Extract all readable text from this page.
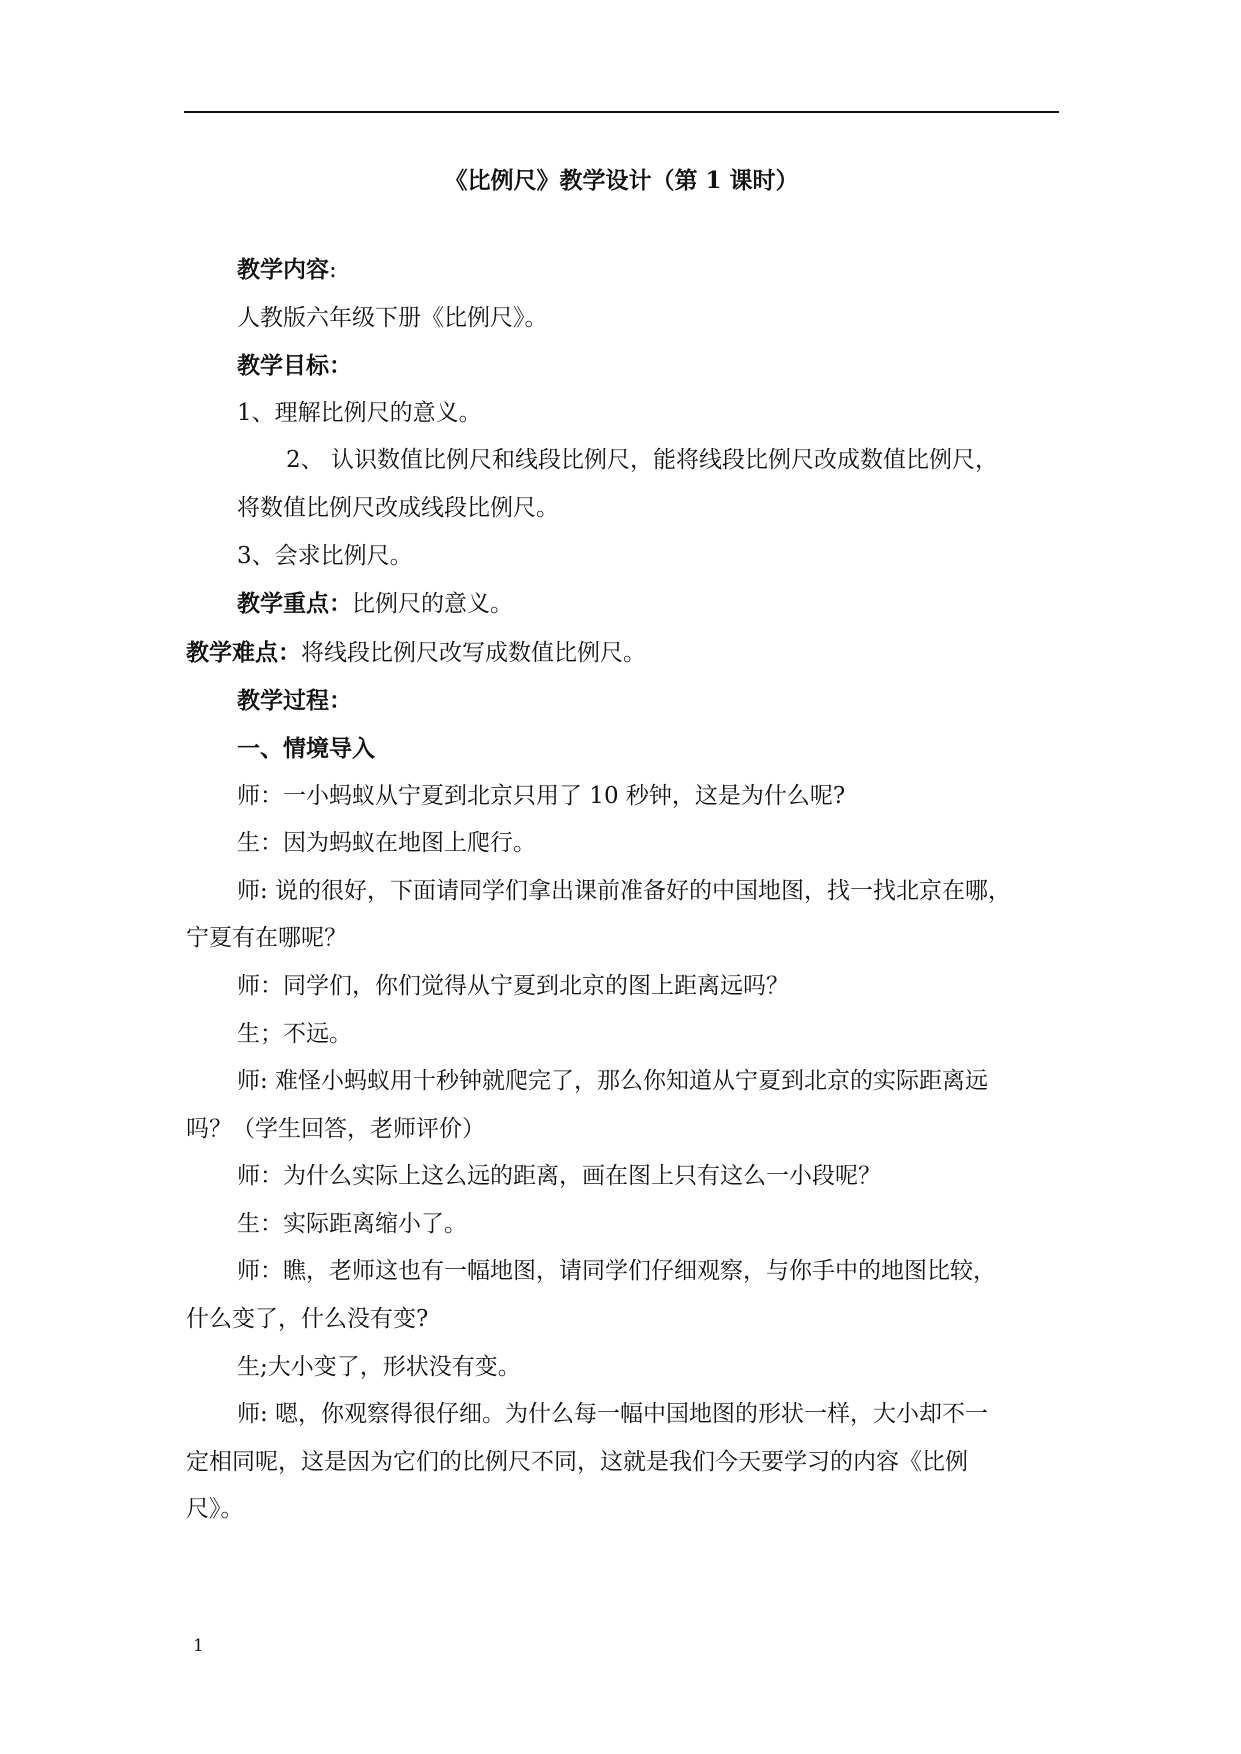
《比例尺》教学设计（第 1 课时）
教学内容:
人教版六年级下册《比例尺》。
教学目标：
1、理解比例尺的意义。
2、 认识数值比例尺和线段比例尺，能将线段比例尺改成数值比例尺，
将数值比例尺改成线段比例尺。
3、会求比例尺。
教学重点：比例尺的意义。
教学难点：将线段比例尺改写成数值比例尺。
教学过程：
一、情境导入
师：一小蚂蚁从宁夏到北京只用了 10 秒钟，这是为什么呢?
生：因为蚂蚁在地图上爬行。
师: 说的很好，下面请同学们拿出课前准备好的中国地图，找一找北京在哪，
宁夏有在哪呢？
师：同学们，你们觉得从宁夏到北京的图上距离远吗？
生；不远。
师: 难怪小蚂蚁用十秒钟就爬完了，那么你知道从宁夏到北京的实际距离远
吗？（学生回答，老师评价）
师：为什么实际上这么远的距离，画在图上只有这么一小段呢？
生：实际距离缩小了。
师：瞧，老师这也有一幅地图，请同学们仔细观察，与你手中的地图比较，
什么变了，什么没有变?
生;大小变了，形状没有变。
师: 嗯，你观察得很仔细。为什么每一幅中国地图的形状一样，大小却不一
定相同呢，这是因为它们的比例尺不同，这就是我们今天要学习的内容《比例
尺》。
1
